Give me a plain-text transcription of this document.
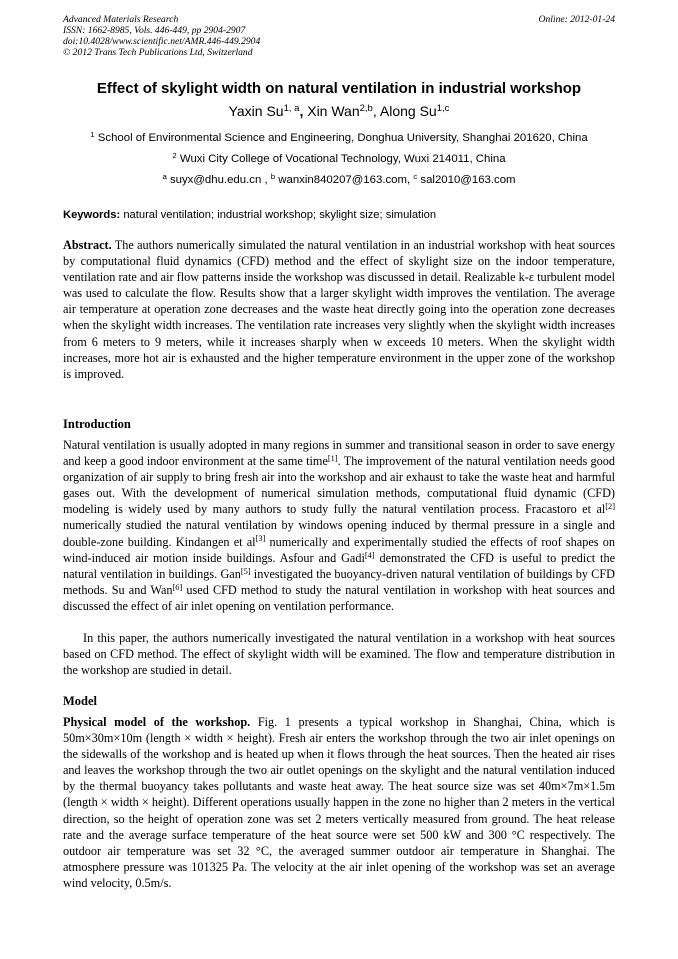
Advanced Materials Research
ISSN: 1662-8985, Vols. 446-449, pp 2904-2907
doi:10.4028/www.scientific.net/AMR.446-449.2904
© 2012 Trans Tech Publications Ltd, Switzerland
Online: 2012-01-24
Effect of skylight width on natural ventilation in industrial workshop
Yaxin Su$^{1, a}$, Xin Wan$^{2,b}$, Along Su$^{1,c}$
$^1$ School of Environmental Science and Engineering, Donghua University, Shanghai 201620, China
$^2$ Wuxi City College of Vocational Technology, Wuxi 214011, China
$^a$ suyx@dhu.edu.cn , $^b$ wanxin840207@163.com, $^c$ sal2010@163.com
Keywords: natural ventilation; industrial workshop; skylight size; simulation
Abstract. The authors numerically simulated the natural ventilation in an industrial workshop with heat sources by computational fluid dynamics (CFD) method and the effect of skylight size on the indoor temperature, ventilation rate and air flow patterns inside the workshop was discussed in detail. Realizable k-ε turbulent model was used to calculate the flow. Results show that a larger skylight width improves the ventilation. The average air temperature at operation zone decreases and the waste heat directly going into the operation zone decreases when the skylight width increases. The ventilation rate increases very slightly when the skylight width increases from 6 meters to 9 meters, while it increases sharply when w exceeds 10 meters. When the skylight width increases, more hot air is exhausted and the higher temperature environment in the upper zone of the workshop is improved.
Introduction
Natural ventilation is usually adopted in many regions in summer and transitional season in order to save energy and keep a good indoor environment at the same time[1]. The improvement of the natural ventilation needs good organization of air supply to bring fresh air into the workshop and air exhaust to take the waste heat and harmful gases out. With the development of numerical simulation methods, computational fluid dynamic (CFD) modeling is widely used by many authors to study fully the natural ventilation process. Fracastoro et al[2] numerically studied the natural ventilation by windows opening induced by thermal pressure in a single and double-zone building. Kindangen et al[3] numerically and experimentally studied the effects of roof shapes on wind-induced air motion inside buildings. Asfour and Gadi[4] demonstrated the CFD is useful to predict the natural ventilation in buildings. Gan[5] investigated the buoyancy-driven natural ventilation of buildings by CFD methods. Su and Wan[6] used CFD method to study the natural ventilation in workshop with heat sources and discussed the effect of air inlet opening on ventilation performance.
In this paper, the authors numerically investigated the natural ventilation in a workshop with heat sources based on CFD method. The effect of skylight width will be examined. The flow and temperature distribution in the workshop are studied in detail.
Model
Physical model of the workshop. Fig. 1 presents a typical workshop in Shanghai, China, which is 50m×30m×10m (length × width × height). Fresh air enters the workshop through the two air inlet openings on the sidewalls of the workshop and is heated up when it flows through the heat sources. Then the heated air rises and leaves the workshop through the two air outlet openings on the skylight and the natural ventilation induced by the thermal buoyancy takes pollutants and waste heat away. The heat source size was set 40m×7m×1.5m (length × width × height). Different operations usually happen in the zone no higher than 2 meters in the vertical direction, so the height of operation zone was set 2 meters vertically measured from ground. The heat release rate and the average surface temperature of the heat source were set 500 kW and 300 °C respectively. The outdoor air temperature was set 32 °C, the averaged summer outdoor air temperature in Shanghai. The atmosphere pressure was 101325 Pa. The velocity at the air inlet opening of the workshop was set an average wind velocity, 0.5m/s.
